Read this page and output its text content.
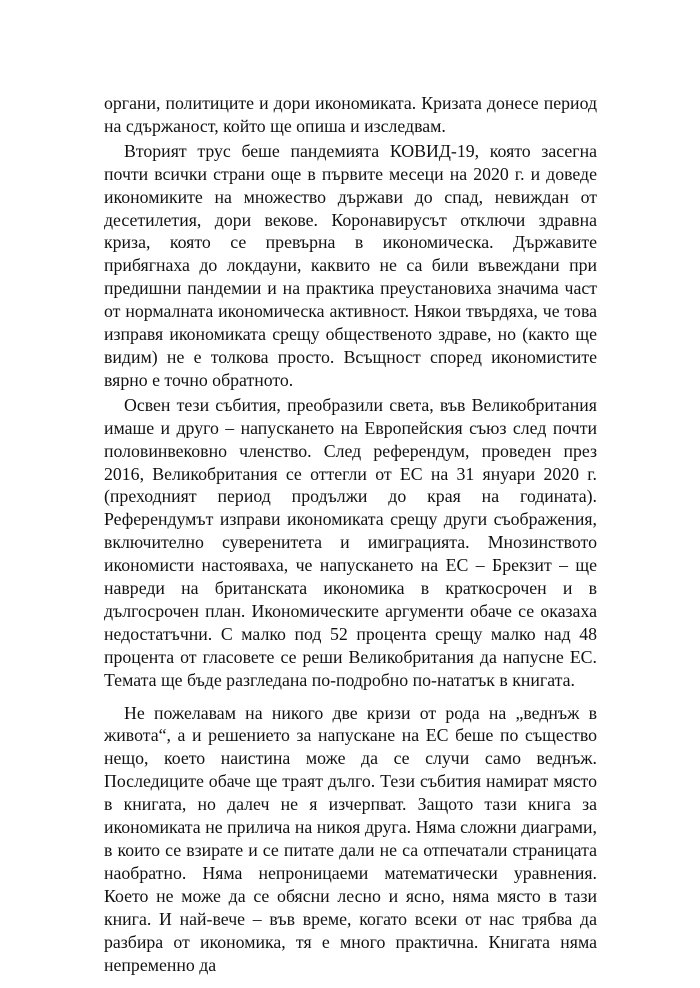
органи, политиците и дори икономиката. Кризата донесе период на сдържаност, който ще опиша и изследвам.

Вторият трус беше пандемията КОВИД-19, която засегна почти всички страни още в първите месеци на 2020 г. и доведе икономиките на множество държави до спад, невиждан от десетилетия, дори векове. Коронавирусът отключи здравна криза, която се превърна в икономическа. Държавите прибягнаха до локдауни, каквито не са били въвеждани при предишни пандемии и на практика преустановиха значима част от нормалната икономическа активност. Някои твърдяха, че това изправя икономиката срещу общественото здраве, но (както ще видим) не е толкова просто. Всъщност според икономистите вярно е точно обратното.

Освен тези събития, преобразили света, във Великобритания имаше и друго – напускането на Европейския съюз след почти половинвековно членство. След референдум, проведен през 2016, Великобритания се оттегли от ЕС на 31 януари 2020 г. (преходният период продължи до края на годината). Референдумът изправи икономиката срещу други съображения, включително суверенитета и имиграцията. Мнозинството икономисти настояваха, че напускането на ЕС – Брекзит – ще навреди на британската икономика в краткосрочен и в дългосрочен план. Икономическите аргументи обаче се оказаха недостатъчни. С малко под 52 процента срещу малко над 48 процента от гласовете се реши Великобритания да напусне ЕС. Темата ще бъде разгледана по-подробно по-нататък в книгата.

Не пожелавам на никого две кризи от рода на „веднъж в живота“, а и решението за напускане на ЕС беше по същество нещо, което наистина може да се случи само веднъж. Последиците обаче ще траят дълго. Тези събития намират място в книгата, но далеч не я изчерпват. Защото тази книга за икономиката не прилича на никоя друга. Няма сложни диаграми, в които се взирате и се питате дали не са отпечатали страницата наобратно. Няма непроницаеми математически уравнения. Което не може да се обясни лесно и ясно, няма място в тази книга. И най-вече – във време, когато всеки от нас трябва да разбира от икономика, тя е много практична. Книгата няма непременно да
